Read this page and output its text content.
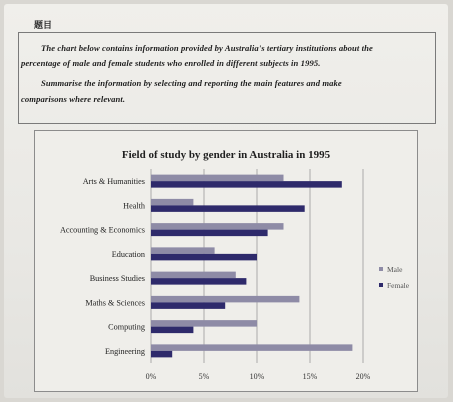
题目
The chart below contains information provided by Australia's tertiary institutions about the
percentage of male and female students who enrolled in different subjects in 1995.
Summarise the information by selecting and reporting the main features and make
comparisons where relevant.
Field of study by gender in Australia in 1995
0%	5%	10%	15%	20%
Arts & Humanities
Health
Accounting & Economics
Education
Business Studies
Maths & Sciences
Computing
Engineering
Male
Female
